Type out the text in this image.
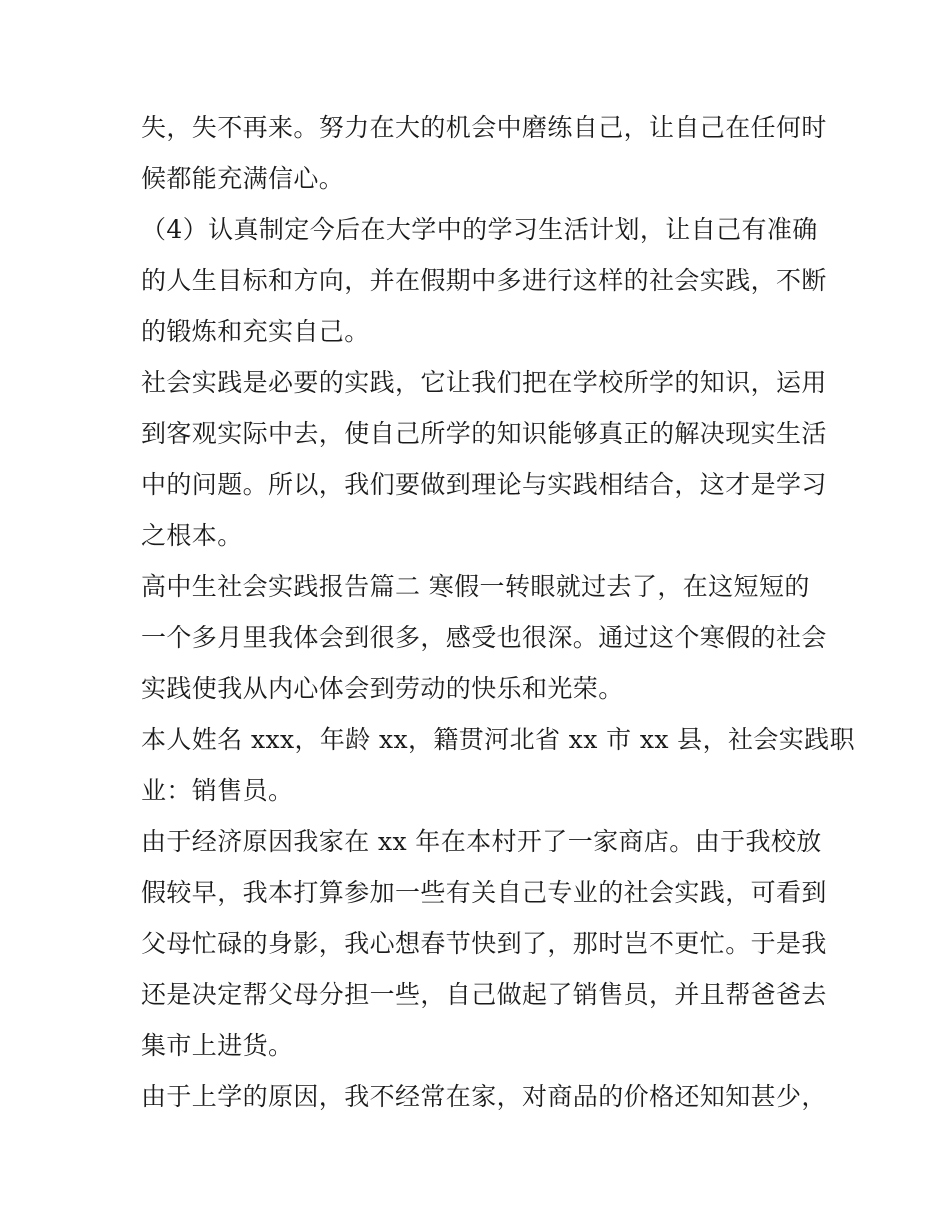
失，失不再来。努力在大的机会中磨练自己，让自己在任何时
候都能充满信心。
（4）认真制定今后在大学中的学习生活计划，让自己有准确
的人生目标和方向，并在假期中多进行这样的社会实践，不断
的锻炼和充实自己。
社会实践是必要的实践，它让我们把在学校所学的知识，运用
到客观实际中去，使自己所学的知识能够真正的解决现实生活
中的问题。所以，我们要做到理论与实践相结合，这才是学习
之根本。
高中生社会实践报告篇二 寒假一转眼就过去了，在这短短的
一个多月里我体会到很多，感受也很深。通过这个寒假的社会
实践使我从内心体会到劳动的快乐和光荣。
本人姓名 xxx，年龄 xx，籍贯河北省 xx 市 xx 县，社会实践职
业：销售员。
由于经济原因我家在 xx 年在本村开了一家商店。由于我校放
假较早，我本打算参加一些有关自己专业的社会实践，可看到
父母忙碌的身影，我心想春节快到了，那时岂不更忙。于是我
还是决定帮父母分担一些，自己做起了销售员，并且帮爸爸去
集市上进货。
由于上学的原因，我不经常在家，对商品的价格还知知甚少，
